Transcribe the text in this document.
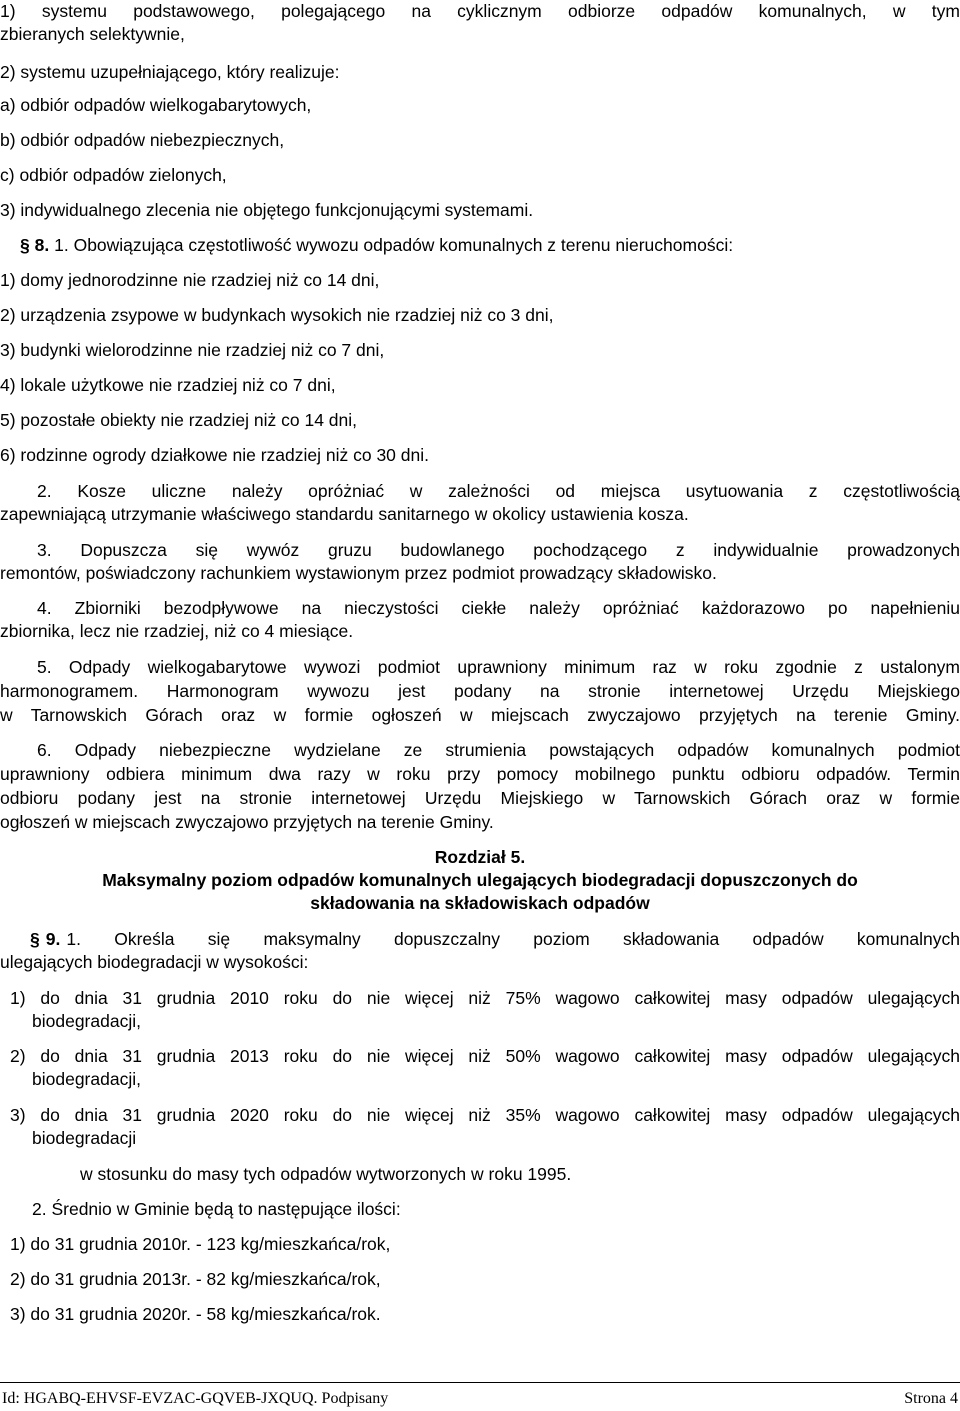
1) systemu podstawowego, polegającego na cyklicznym odbiorze odpadów komunalnych, w tym
zbieranych selektywnie,
2) systemu uzupełniającego, który realizuje:
a) odbiór odpadów wielkogabarytowych,
b) odbiór odpadów niebezpiecznych,
c) odbiór odpadów zielonych,
3) indywidualnego zlecenia nie objętego funkcjonującymi systemami.
§ 8. 1. Obowiązująca częstotliwość wywozu odpadów komunalnych z terenu nieruchomości:
1) domy jednorodzinne nie rzadziej niż co 14 dni,
2) urządzenia zsypowe w budynkach wysokich nie rzadziej niż co 3 dni,
3) budynki wielorodzinne nie rzadziej niż co 7 dni,
4) lokale użytkowe nie rzadziej niż co 7 dni,
5) pozostałe obiekty nie rzadziej niż co 14 dni,
6) rodzinne ogrody działkowe nie rzadziej niż co 30 dni.
2. Kosze uliczne należy opróżniać w zależności od miejsca usytuowania z częstotliwością
zapewniającą utrzymanie właściwego standardu sanitarnego w okolicy ustawienia kosza.
3. Dopuszcza się wywóz gruzu budowlanego pochodzącego z indywidualnie prowadzonych
remontów, poświadczony rachunkiem wystawionym przez podmiot prowadzący składowisko.
4. Zbiorniki bezodpływowe na nieczystości ciekłe należy opróżniać każdorazowo po napełnieniu
zbiornika, lecz nie rzadziej, niż co 4 miesiące.
5. Odpady wielkogabarytowe wywozi podmiot uprawniony minimum raz w roku zgodnie z ustalonym
harmonogramem. Harmonogram wywozu jest podany na stronie internetowej Urzędu Miejskiego
w Tarnowskich Górach oraz w formie ogłoszeń w miejscach zwyczajowo przyjętych na terenie Gminy.
6. Odpady niebezpieczne wydzielane ze strumienia powstających odpadów komunalnych podmiot
uprawniony odbiera minimum dwa razy w roku przy pomocy mobilnego punktu odbioru odpadów. Termin
odbioru podany jest na stronie internetowej Urzędu Miejskiego w Tarnowskich Górach oraz w formie
ogłoszeń w miejscach zwyczajowo przyjętych na terenie Gminy.
Rozdział 5.
Maksymalny poziom odpadów komunalnych ulegających biodegradacji dopuszczonych do
składowania na składowiskach odpadów
§ 9. 1. Określa się maksymalny dopuszczalny poziom składowania odpadów komunalnych
ulegających biodegradacji w wysokości:
1) do dnia 31 grudnia 2010 roku do nie więcej niż 75% wagowo całkowitej masy odpadów ulegających
biodegradacji,
2) do dnia 31 grudnia 2013 roku do nie więcej niż 50% wagowo całkowitej masy odpadów ulegających
biodegradacji,
3) do dnia 31 grudnia 2020 roku do nie więcej niż 35% wagowo całkowitej masy odpadów ulegających
biodegradacji
w stosunku do masy tych odpadów wytworzonych w roku 1995.
2. Średnio w Gminie będą to następujące ilości:
1) do 31 grudnia 2010r. - 123 kg/mieszkańca/rok,
2) do 31 grudnia 2013r. - 82 kg/mieszkańca/rok,
3) do 31 grudnia 2020r. - 58 kg/mieszkańca/rok.
Id: HGABQ-EHVSF-EVZAC-GQVEB-JXQUQ. Podpisany	Strona 4
